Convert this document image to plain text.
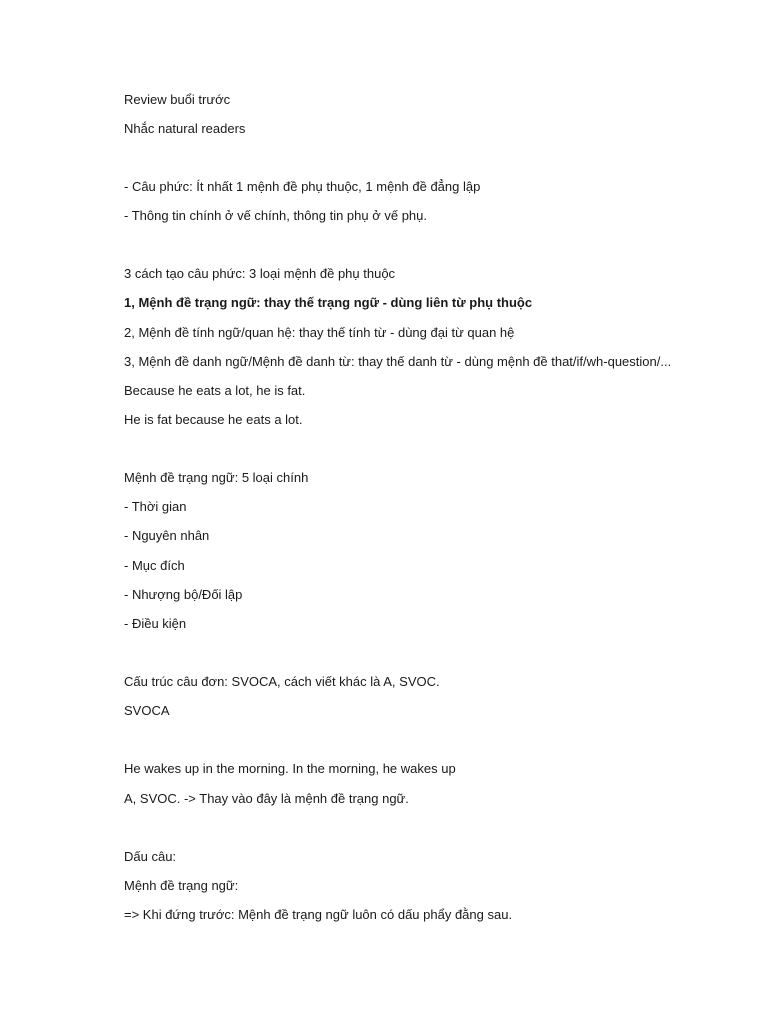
Review buổi trước

Nhắc natural readers

- Câu phức: Ít nhất 1 mệnh đề phụ thuộc, 1 mệnh đề đẳng lập

- Thông tin chính ở vế chính, thông tin phụ ở vế phụ.

3 cách tạo câu phức: 3 loại mệnh đề phụ thuộc

1, Mệnh đề trạng ngữ: thay thế trạng ngữ - dùng liên từ phụ thuộc

2, Mệnh đề tính ngữ/quan hệ: thay thế tính từ - dùng đại từ quan hệ

3, Mệnh đề danh ngữ/Mệnh đề danh từ: thay thế danh từ - dùng mệnh đề that/if/wh-question/...

Because he eats a lot, he is fat.

He is fat because he eats a lot.

Mệnh đề trạng ngữ: 5 loại chính

- Thời gian

- Nguyên nhân

- Mục đích

- Nhượng bộ/Đối lập

- Điều kiện

Cấu trúc câu đơn: SVOCA, cách viết khác là A, SVOC.

SVOCA

He wakes up in the morning. In the morning, he wakes up

A, SVOC. -> Thay vào đây là mệnh đề trạng ngữ.

Dấu câu:

Mệnh đề trạng ngữ:

=> Khi đứng trước: Mệnh đề trạng ngữ luôn có dấu phẩy đằng sau.
